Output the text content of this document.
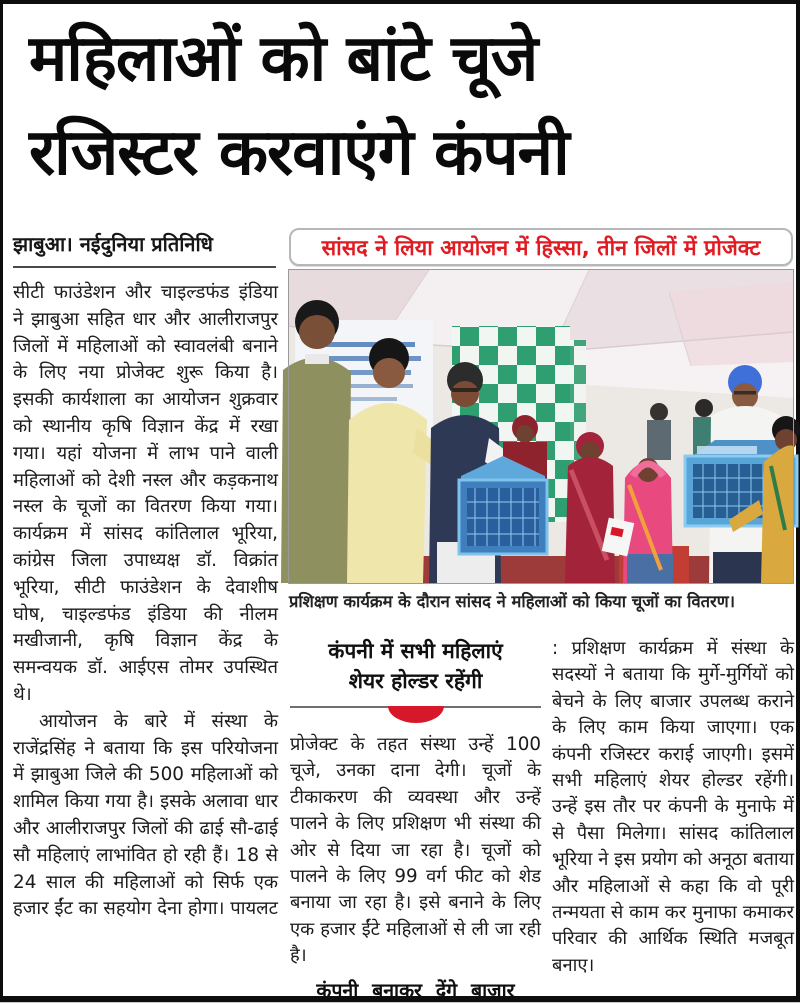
महिलाओं को बांटे चूजे
रजिस्टर करवाएंगे कंपनी
झाबुआ। नईदुनिया प्रतिनिधि

सीटी फाउंडेशन और चाइल्डफंड इंडिया ने झाबुआ सहित धार और आलीराजपुर जिलों में महिलाओं को स्वावलंबी बनाने के लिए नया प्रोजेक्ट शुरू किया है। इसकी कार्यशाला का आयोजन शुक्रवार को स्थानीय कृषि विज्ञान केंद्र में रखा गया। यहां योजना में लाभ पाने वाली महिलाओं को देशी नस्ल और कड़कनाथ नस्ल के चूजों का वितरण किया गया। कार्यक्रम में सांसद कांतिलाल भूरिया, कांग्रेस जिला उपाध्यक्ष डॉ. विक्रांत भूरिया, सीटी फाउंडेशन के देवाशीष घोष, चाइल्डफंड इंडिया की नीलम मखीजानी, कृषि विज्ञान केंद्र के समन्वयक डॉ. आईएस तोमर उपस्थित थे।

आयोजन के बारे में संस्था के राजेंद्रसिंह ने बताया कि इस परियोजना में झाबुआ जिले की 500 महिलाओं को शामिल किया गया है। इसके अलावा धार और आलीराजपुर जिलों की ढाई सौ-ढाई सौ महिलाएं लाभांवित हो रही हैं। 18 से 24 साल की महिलाओं को सिर्फ एक हजार ईंट का सहयोग देना होगा। पायलट

सांसद ने लिया आयोजन में हिस्सा, तीन जिलों में प्रोजेक्ट
प्रशिक्षण कार्यक्रम के दौरान सांसद ने महिलाओं को किया चूजों का वितरण।
कंपनी में सभी महिलाएं
शेयर होल्डर रहेंगी
प्रोजेक्ट के तहत संस्था उन्हें 100 चूजे, उनका दाना देगी। चूजों के टीकाकरण की व्यवस्था और उन्हें पालने के लिए प्रशिक्षण भी संस्था की ओर से दिया जा रहा है। चूजों को पालने के लिए 99 वर्ग फीट को शेड बनाया जा रहा है। इसे बनाने के लिए एक हजार ईंटे महिलाओं से ली जा रही है।
कंपनी बनाकर देंगे बाजार
: प्रशिक्षण कार्यक्रम में संस्था के सदस्यों ने बताया कि मुर्गे-मुर्गियों को बेचने के लिए बाजार उपलब्ध कराने के लिए काम किया जाएगा। एक कंपनी रजिस्टर कराई जाएगी। इसमें सभी महिलाएं शेयर होल्डर रहेंगी। उन्हें इस तौर पर कंपनी के मुनाफे में से पैसा मिलेगा। सांसद कांतिलाल भूरिया ने इस प्रयोग को अनूठा बताया और महिलाओं से कहा कि वो पूरी तन्मयता से काम कर मुनाफा कमाकर परिवार की आर्थिक स्थिति मजबूत बनाए।
